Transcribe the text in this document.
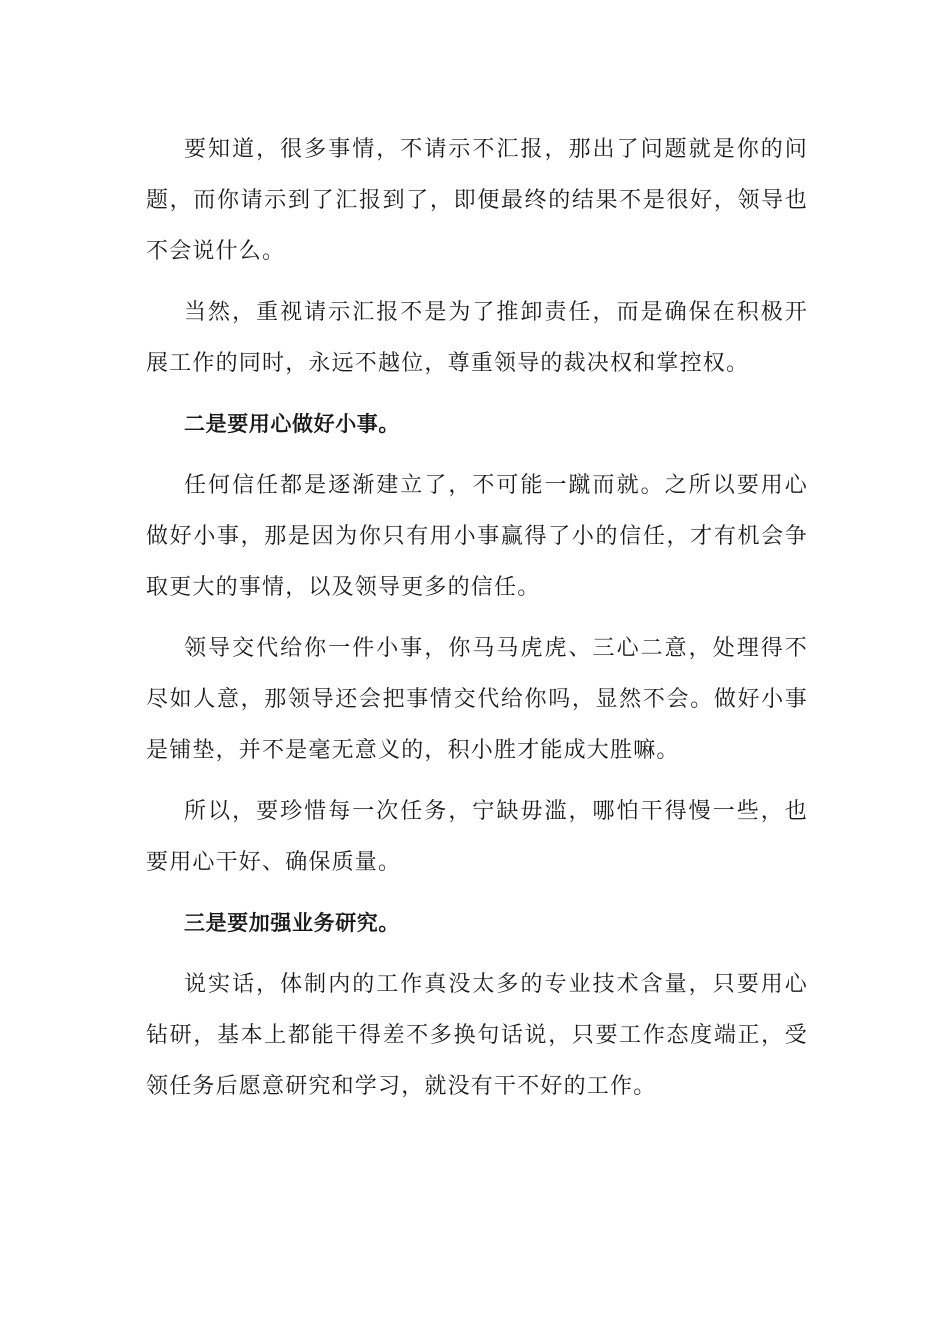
要知道，很多事情，不请示不汇报，那出了问题就是你的问题，而你请示到了汇报到了，即便最终的结果不是很好，领导也不会说什么。

当然，重视请示汇报不是为了推卸责任，而是确保在积极开展工作的同时，永远不越位，尊重领导的裁决权和掌控权。

二是要用心做好小事。

任何信任都是逐渐建立了，不可能一蹴而就。之所以要用心做好小事，那是因为你只有用小事赢得了小的信任，才有机会争取更大的事情，以及领导更多的信任。

领导交代给你一件小事，你马马虎虎、三心二意，处理得不尽如人意，那领导还会把事情交代给你吗，显然不会。做好小事是铺垫，并不是毫无意义的，积小胜才能成大胜嘛。

所以，要珍惜每一次任务，宁缺毋滥，哪怕干得慢一些，也要用心干好、确保质量。

三是要加强业务研究。

说实话，体制内的工作真没太多的专业技术含量，只要用心钻研，基本上都能干得差不多换句话说，只要工作态度端正，受领任务后愿意研究和学习，就没有干不好的工作。
